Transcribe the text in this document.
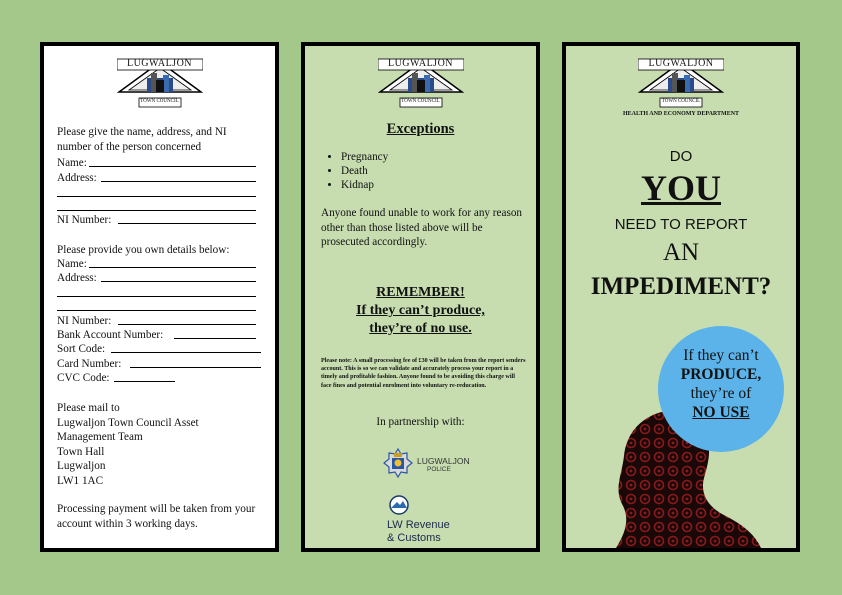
LUGWALJON
TOWN COUNCIL
Please give the name, address, and NI number of the person concerned
Name:
Address:
NI Number:
Please provide you own details below:
Name:
Address:
NI Number:
Bank Account Number:
Sort Code:
Card Number:
CVC Code:
Please mail to
Lugwaljon Town Council Asset
Management Team
Town Hall
Lugwaljon
LW1 1AC
Processing payment will be taken from your account within 3 working days.
LUGWALJON
TOWN COUNCIL
Exceptions
• Pregnancy
• Death
• Kidnap
Anyone found unable to work for any reason other than those listed above will be prosecuted accordingly.
REMEMBER!
If they can’t produce,
they’re of no use.
Please note: A small processing fee of £30 will be taken from the report senders account. This is so we can validate and accurately process your report in a timely and profitable fashion. Anyone found to be avoiding this charge will face fines and potential enrolment into voluntary re-reducation.
In partnership with:
LUGWALJON
POLICE
LW Revenue
& Customs
LUGWALJON
TOWN COUNCIL
HEALTH AND ECONOMY DEPARTMENT
DO
YOU
NEED TO REPORT
AN
IMPEDIMENT?
If they can’t
PRODUCE,
they’re of
NO USE
